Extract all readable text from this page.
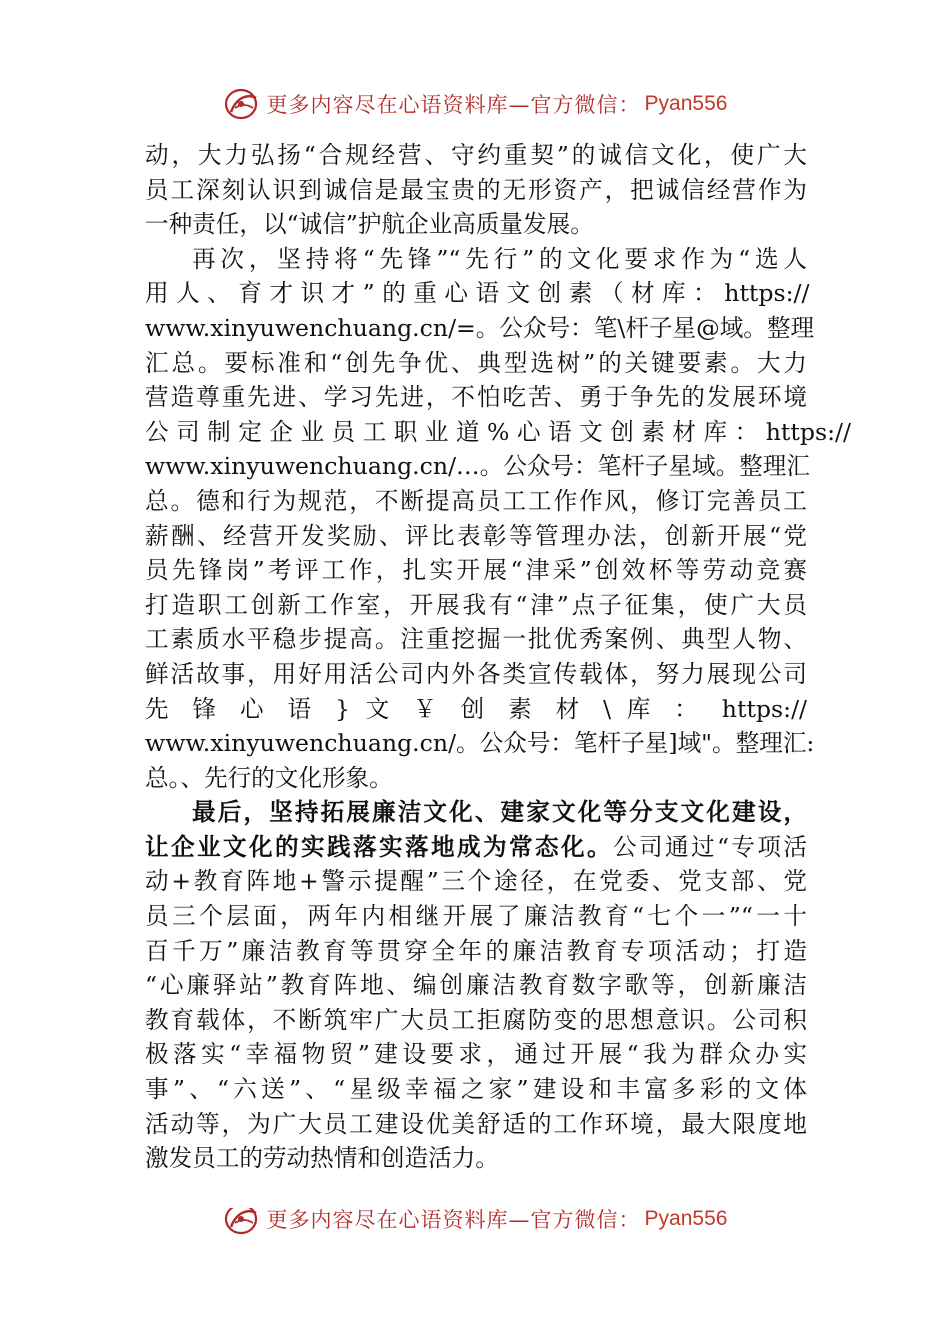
更多内容尽在心语资料库—官方微信： Pyan556

动，大力弘扬“合规经营、守约重契”的诚信文化，使广大
员工深刻认识到诚信是最宝贵的无形资产，把诚信经营作为
一种责任，以“诚信”护航企业高质量发展。

再次，坚持将“先锋”“先行”的文化要求作为“选人
用 人 、 育 才 识 才 ” 的 重 心 语 文 创 素 （ 材 库 ： https://
www.xinyuwenchuang.cn/=。公众号：笔\杆子星@域。整理
汇总。要标准和“创先争优、典型选树”的关键要素。大力
营造尊重先进、学习先进，不怕吃苦、勇于争先的发展环境
公 司 制 定 企 业 员 工 职 业 道 % 心 语 文 创 素 材 库 ： https://
www.xinyuwenchuang.cn/…。公众号：笔杆子星域。整理汇
总。德和行为规范，不断提高员工工作作风，修订完善员工
薪酬、经营开发奖励、评比表彰等管理办法，创新开展“党
员先锋岗”考评工作，扎实开展“津采”创效杯等劳动竞赛
打造职工创新工作室，开展我有“津”点子征集，使广大员
工素质水平稳步提高。注重挖掘一批优秀案例、典型人物、
鲜活故事，用好用活公司内外各类宣传载体，努力展现公司
先 锋 心 语 } 文 ￥ 创 素 材 \ 库 ： https://
www.xinyuwenchuang.cn/。公众号：笔杆子星]域"。整理汇:
总。、先行的文化形象。

最后，坚持拓展廉洁文化、建家文化等分支文化建设，
让企业文化的实践落实落地成为常态化。公司通过“专项活
动+教育阵地+警示提醒”三个途径，在党委、党支部、党
员三个层面，两年内相继开展了廉洁教育“七个一”“一十
百千万”廉洁教育等贯穿全年的廉洁教育专项活动；打造
“心廉驿站”教育阵地、编创廉洁教育数字歌等，创新廉洁
教育载体，不断筑牢广大员工拒腐防变的思想意识。公司积
极落实“幸福物贸”建设要求，通过开展“我为群众办实
事”、“六送”、“星级幸福之家”建设和丰富多彩的文体
活动等，为广大员工建设优美舒适的工作环境，最大限度地
激发员工的劳动热情和创造活力。

更多内容尽在心语资料库—官方微信： Pyan556
